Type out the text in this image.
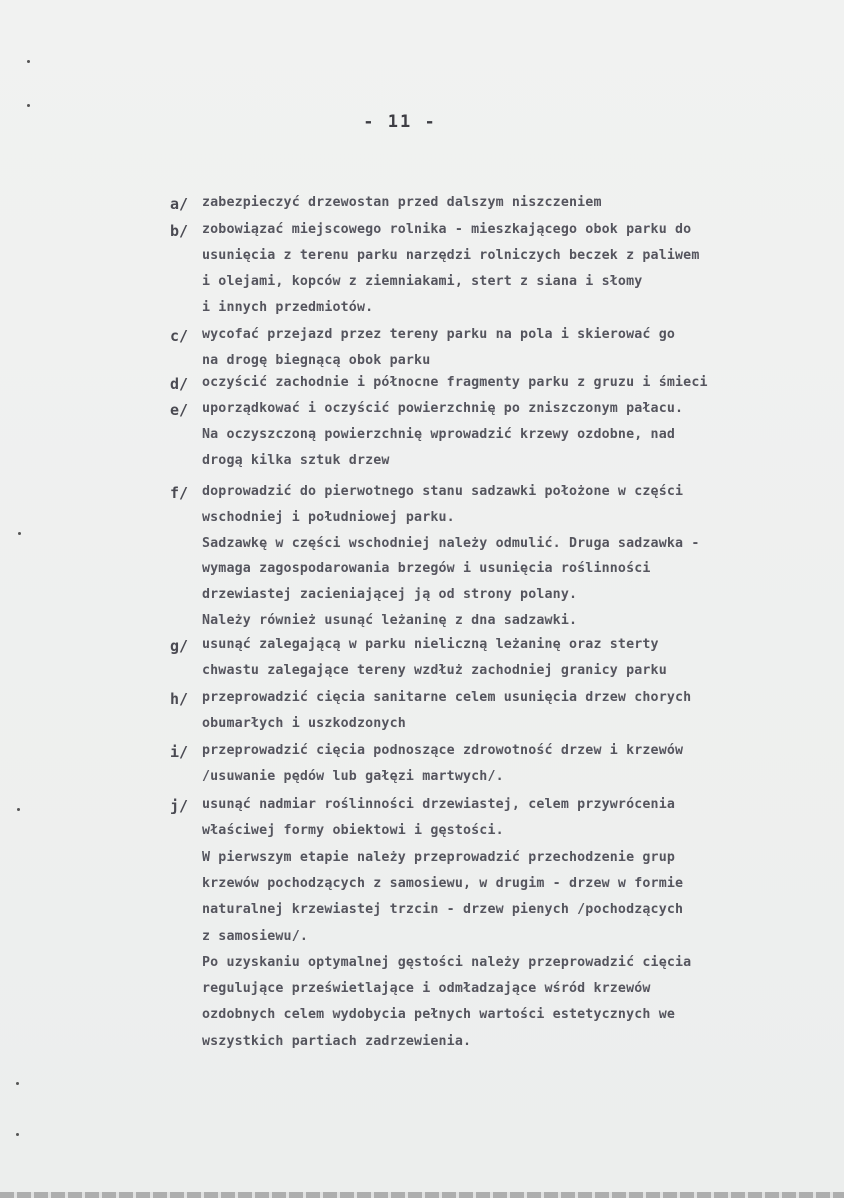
- 11 -
a/ zabezpieczyć drzewostan przed dalszym niszczeniem
b/ zobowiązać miejscowego rolnika - mieszkającego obok parku do
usunięcia z terenu parku narzędzi rolniczych beczek z paliwem
i olejami, kopców z ziemniakami, stert z siana i słomy
i innych przedmiotów.
c/ wycofać przejazd przez tereny parku na pola i skierować go
na drogę biegnącą obok parku
d/ oczyścić zachodnie i północne fragmenty parku z gruzu i śmieci
e/ uporządkować i oczyścić powierzchnię po zniszczonym pałacu.
Na oczyszczoną powierzchnię wprowadzić krzewy ozdobne, nad
drogą kilka sztuk drzew
f/ doprowadzić do pierwotnego stanu sadzawki położone w części
wschodniej i południowej parku.
Sadzawkę w części wschodniej należy odmulić. Druga sadzawka -
wymaga zagospodarowania brzegów i usunięcia roślinności
drzewiastej zacieniającej ją od strony polany.
Należy również usunąć leżaninę z dna sadzawki.
g/ usunąć zalegającą w parku nieliczną leżaninę oraz sterty
chwastu zalegające tereny wzdłuż zachodniej granicy parku
h/ przeprowadzić cięcia sanitarne celem usunięcia drzew chorych
obumarłych i uszkodzonych
i/ przeprowadzić cięcia podnoszące zdrowotność drzew i krzewów
/usuwanie pędów lub gałęzi martwych/.
j/ usunąć nadmiar roślinności drzewiastej, celem przywrócenia
właściwej formy obiektowi i gęstości.
W pierwszym etapie należy przeprowadzić przechodzenie grup
krzewów pochodzących z samosiewu, w drugim - drzew w formie
naturalnej krzewiastej trzcin - drzew pienych /pochodzących
z samosiewu/.
Po uzyskaniu optymalnej gęstości należy przeprowadzić cięcia
regulujące prześwietlające i odmładzające wśród krzewów
ozdobnych celem wydobycia pełnych wartości estetycznych we
wszystkich partiach zadrzewienia.
